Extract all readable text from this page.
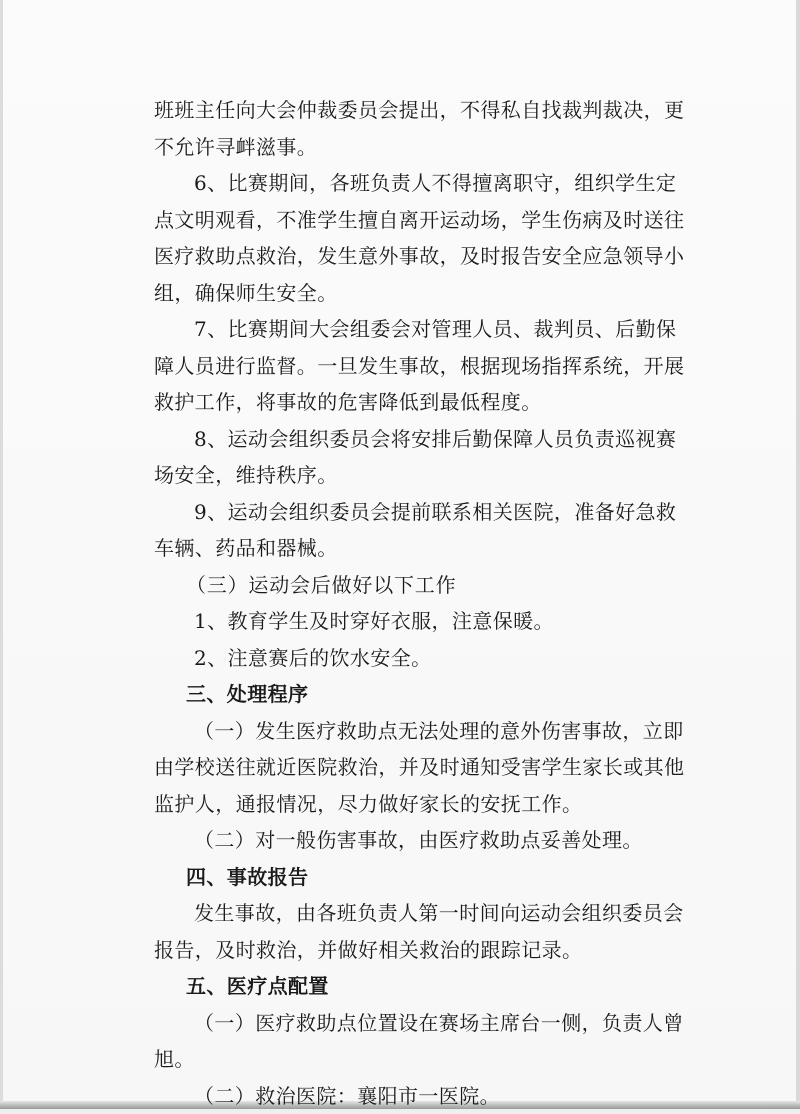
班班主任向大会仲裁委员会提出，不得私自找裁判裁决，更
不允许寻衅滋事。
6、比赛期间，各班负责人不得擅离职守，组织学生定
点文明观看，不准学生擅自离开运动场，学生伤病及时送往
医疗救助点救治，发生意外事故，及时报告安全应急领导小
组，确保师生安全。
7、比赛期间大会组委会对管理人员、裁判员、后勤保
障人员进行监督。一旦发生事故，根据现场指挥系统，开展
救护工作，将事故的危害降低到最低程度。
8、运动会组织委员会将安排后勤保障人员负责巡视赛
场安全，维持秩序。
9、运动会组织委员会提前联系相关医院，准备好急救
车辆、药品和器械。
（三）运动会后做好以下工作
1、教育学生及时穿好衣服，注意保暖。
2、注意赛后的饮水安全。
三、处理程序
（一）发生医疗救助点无法处理的意外伤害事故，立即
由学校送往就近医院救治，并及时通知受害学生家长或其他
监护人，通报情况，尽力做好家长的安抚工作。
（二）对一般伤害事故，由医疗救助点妥善处理。
四、事故报告
发生事故，由各班负责人第一时间向运动会组织委员会
报告，及时救治，并做好相关救治的跟踪记录。
五、医疗点配置
（一）医疗救助点位置设在赛场主席台一侧，负责人曾
旭。
（二）救治医院：襄阳市一医院。
